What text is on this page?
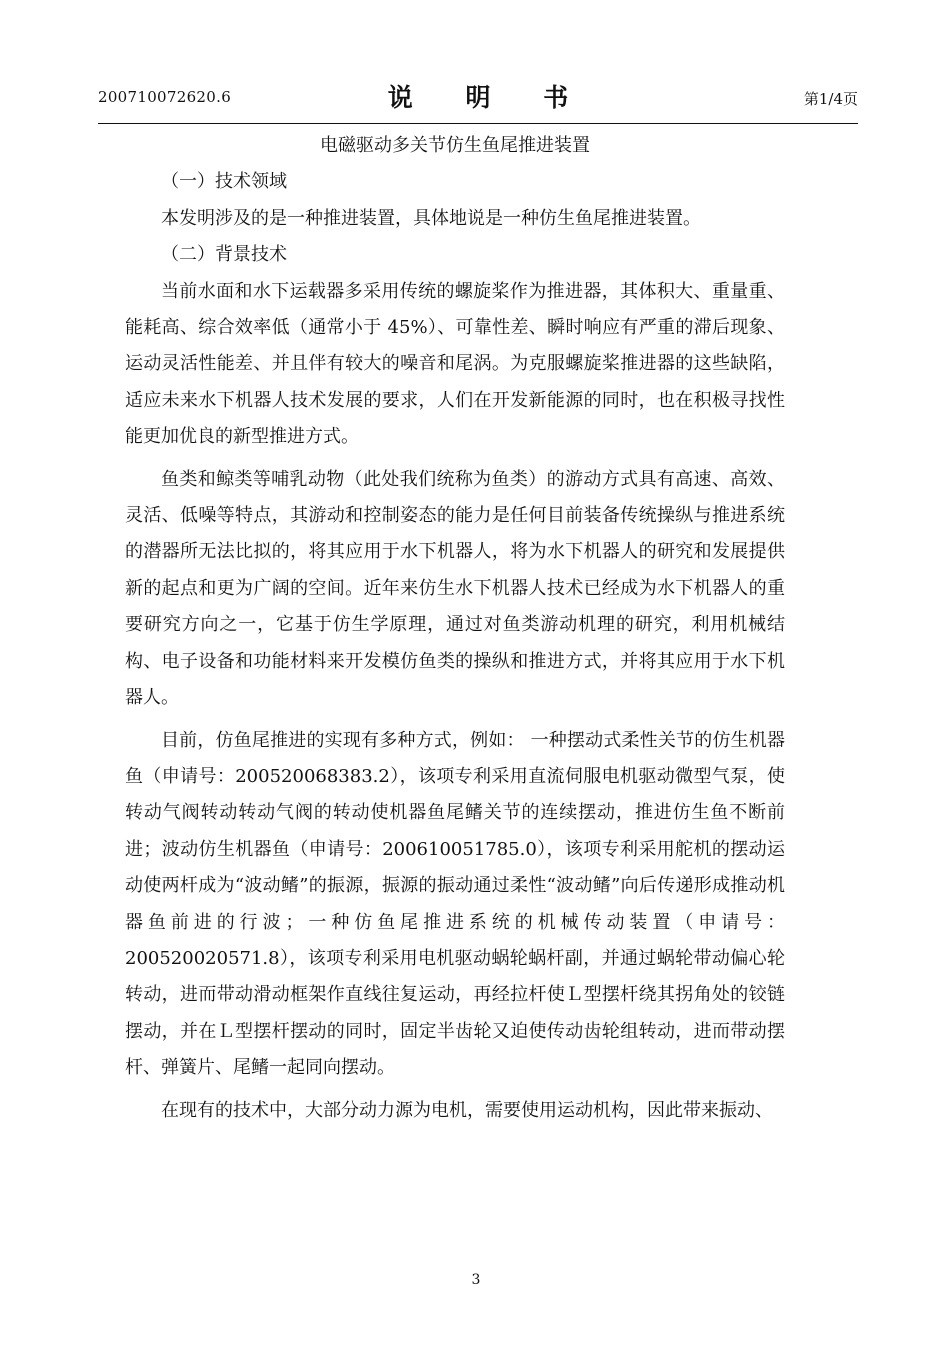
200710072620.6	说 明 书	第1/4页

电磁驱动多关节仿生鱼尾推进装置

（一）技术领域

本发明涉及的是一种推进装置，具体地说是一种仿生鱼尾推进装置。

（二）背景技术

当前水面和水下运载器多采用传统的螺旋桨作为推进器，其体积大、重量重、能耗高、综合效率低（通常小于 45%）、可靠性差、瞬时响应有严重的滞后现象、运动灵活性能差、并且伴有较大的噪音和尾涡。为克服螺旋桨推进器的这些缺陷，适应未来水下机器人技术发展的要求，人们在开发新能源的同时，也在积极寻找性能更加优良的新型推进方式。

鱼类和鲸类等哺乳动物（此处我们统称为鱼类）的游动方式具有高速、高效、灵活、低噪等特点，其游动和控制姿态的能力是任何目前装备传统操纵与推进系统的潜器所无法比拟的，将其应用于水下机器人，将为水下机器人的研究和发展提供新的起点和更为广阔的空间。近年来仿生水下机器人技术已经成为水下机器人的重要研究方向之一，它基于仿生学原理，通过对鱼类游动机理的研究，利用机械结构、电子设备和功能材料来开发模仿鱼类的操纵和推进方式，并将其应用于水下机器人。

目前，仿鱼尾推进的实现有多种方式，例如： 一种摆动式柔性关节的仿生机器鱼（申请号：200520068383.2），该项专利采用直流伺服电机驱动微型气泵，使转动气阀转动转动气阀的转动使机器鱼尾鳍关节的连续摆动，推进仿生鱼不断前进；波动仿生机器鱼（申请号：200610051785.0），该项专利采用舵机的摆动运动使两杆成为“波动鳍”的振源，振源的振动通过柔性“波动鳍”向后传递形成推动机器鱼前进的行波；一种仿鱼尾推进系统的机械传动装置（申请号：200520020571.8），该项专利采用电机驱动蜗轮蜗杆副，并通过蜗轮带动偏心轮转动，进而带动滑动框架作直线往复运动，再经拉杆使Ｌ型摆杆绕其拐角处的铰链摆动，并在Ｌ型摆杆摆动的同时，固定半齿轮又迫使传动齿轮组转动，进而带动摆杆、弹簧片、尾鳍一起同向摆动。

在现有的技术中，大部分动力源为电机，需要使用运动机构，因此带来振动、

3
